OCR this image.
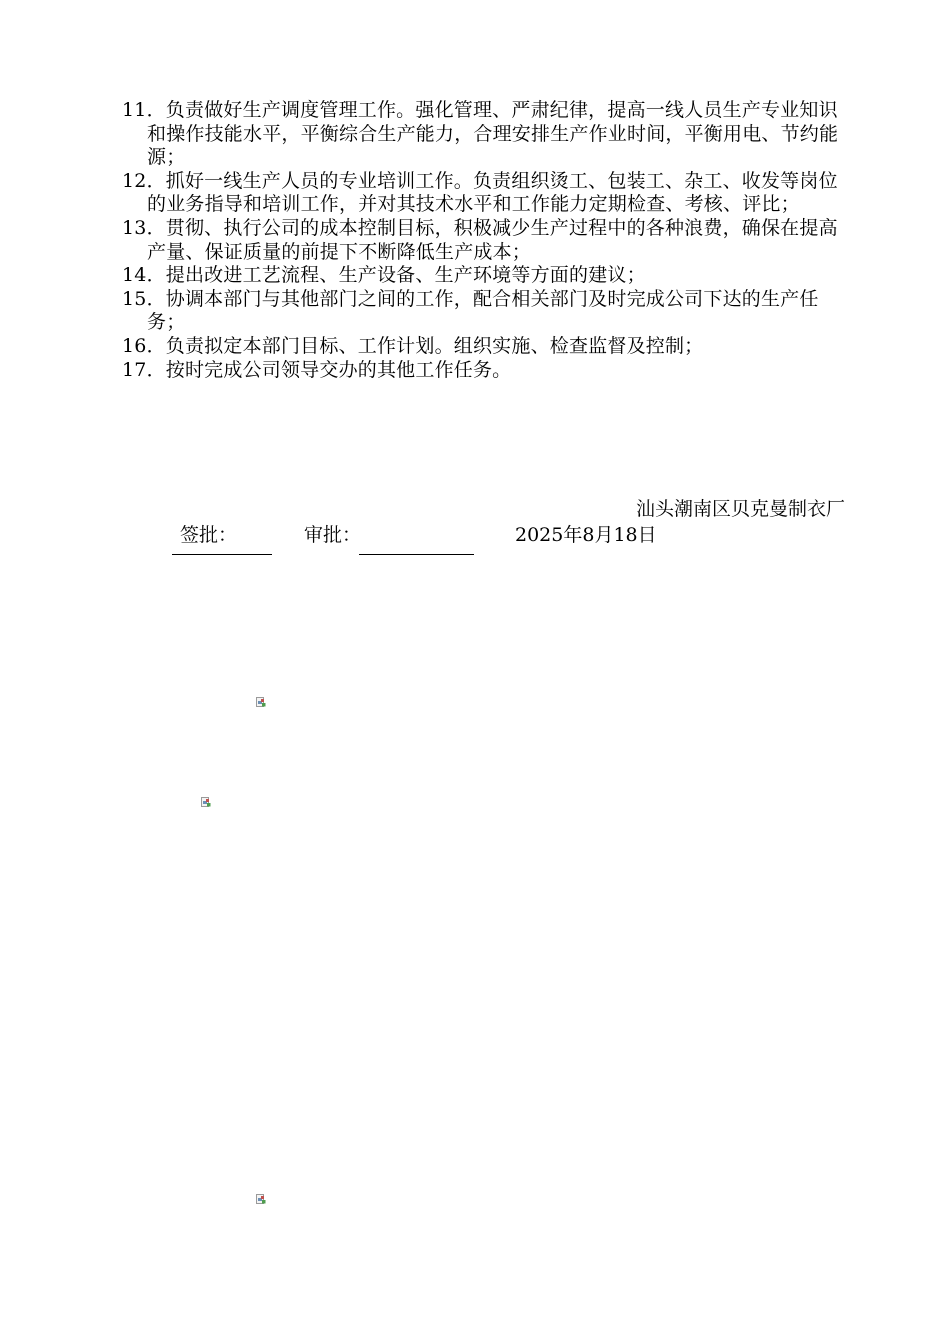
11．负责做好生产调度管理工作。强化管理、严肃纪律，提高一线人员生产专业知识和操作技能水平，平衡综合生产能力，合理安排生产作业时间，平衡用电、节约能源；
12．抓好一线生产人员的专业培训工作。负责组织烫工、包装工、杂工、收发等岗位的业务指导和培训工作，并对其技术水平和工作能力定期检查、考核、评比；
13．贯彻、执行公司的成本控制目标，积极减少生产过程中的各种浪费，确保在提高产量、保证质量的前提下不断降低生产成本；
14．提出改进工艺流程、生产设备、生产环境等方面的建议；
15．协调本部门与其他部门之间的工作，配合相关部门及时完成公司下达的生产任务；
16．负责拟定本部门目标、工作计划。组织实施、检查监督及控制；
17．按时完成公司领导交办的其他工作任务。
汕头潮南区贝克曼制衣厂
签批：	审批：	2025年8月18日
